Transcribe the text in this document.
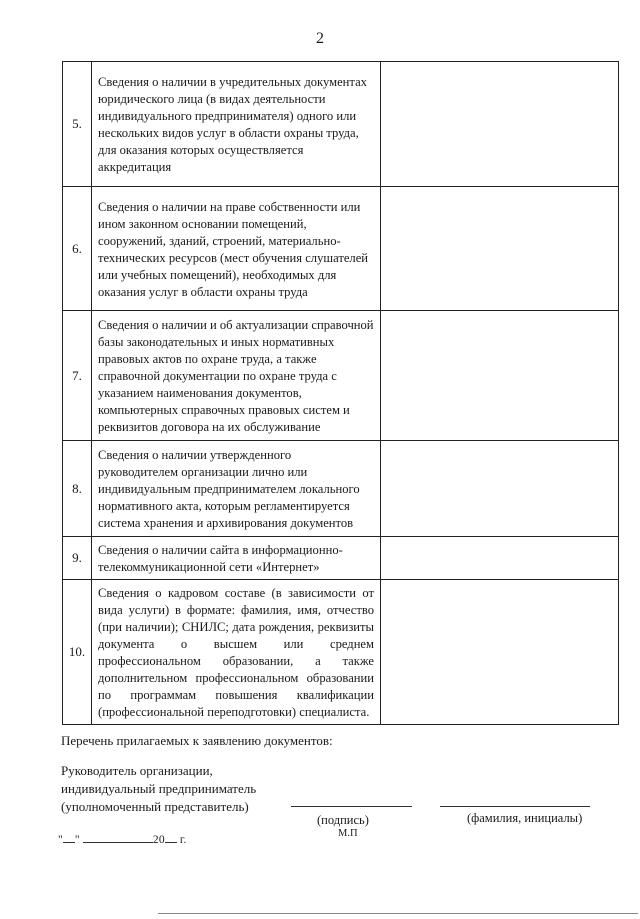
2
5.	Сведения о наличии в учредительных документах юридического лица (в видах деятельности индивидуального предпринимателя) одного или нескольких видов услуг в области охраны труда, для оказания которых осуществляется аккредитация	
6.	Сведения о наличии на праве собственности или ином законном основании помещений, сооружений, зданий, строений, материально-технических ресурсов (мест обучения слушателей или учебных помещений), необходимых для оказания услуг в области охраны труда	
7.	Сведения о наличии и об актуализации справочной базы законодательных и иных нормативных правовых актов по охране труда, а также справочной документации по охране труда с указанием наименования документов, компьютерных справочных правовых систем и реквизитов договора на их обслуживание	
8.	Сведения о наличии утвержденного руководителем организации лично или индивидуальным предпринимателем локального нормативного акта, которым регламентируется система хранения и архивирования документов	
9.	Сведения о наличии сайта в информационно-телекоммуникационной сети «Интернет»	
10.	Сведения о кадровом составе (в зависимости от вида услуги) в формате: фамилия, имя, отчество (при наличии); СНИЛС; дата рождения, реквизиты документа о высшем или среднем профессиональном образовании, а также дополнительном профессиональном образовании по программам повышения квалификации (профессиональной переподготовки) специалиста.	
Перечень прилагаемых к заявлению документов:
Руководитель организации,
индивидуальный предприниматель
(уполномоченный представитель)
(подпись)
М.П
(фамилия, инициалы)
" "	20 г.
